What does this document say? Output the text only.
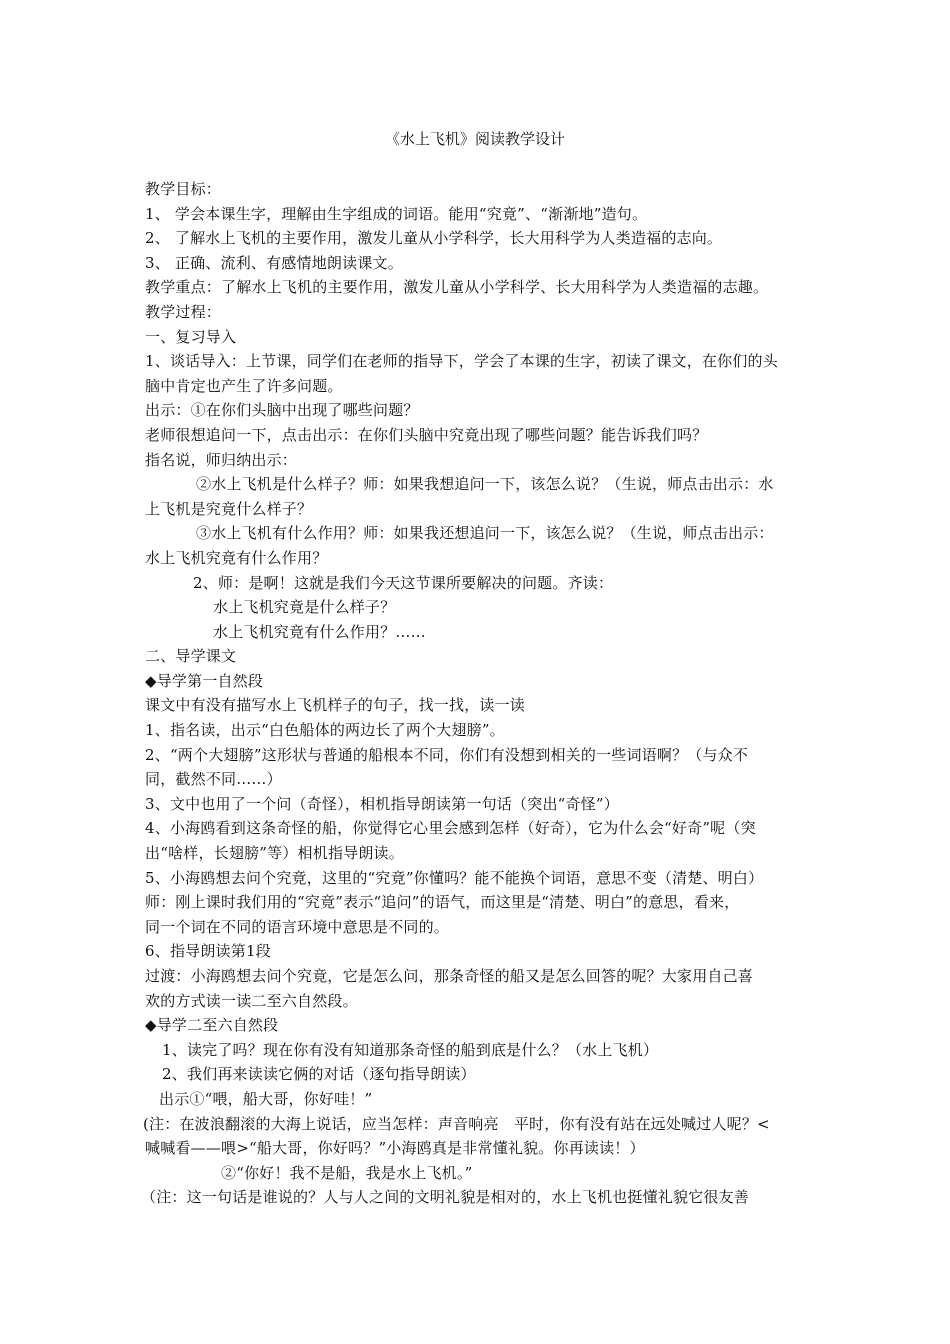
《水上飞机》阅读教学设计

教学目标：

1、 学会本课生字，理解由生字组成的词语。能用“究竟”、“渐渐地”造句。

2、 了解水上飞机的主要作用，激发儿童从小学科学，长大用科学为人类造福的志向。

3、 正确、流利、有感情地朗读课文。

教学重点：了解水上飞机的主要作用，激发儿童从小学科学、长大用科学为人类造福的志趣。

教学过程：

一、复习导入

1、谈话导入：上节课，同学们在老师的指导下，学会了本课的生字，初读了课文，在你们的头

脑中肯定也产生了许多问题。

出示：①在你们头脑中出现了哪些问题？

老师很想追问一下，点击出示：在你们头脑中究竟出现了哪些问题？能告诉我们吗？

指名说，师归纳出示：

②水上飞机是什么样子？师：如果我想追问一下，该怎么说？（生说，师点击出示：水

上飞机是究竟什么样子？

③水上飞机有什么作用？师：如果我还想追问一下，该怎么说？（生说，师点击出示：

水上飞机究竟有什么作用？

2、师：是啊！这就是我们今天这节课所要解决的问题。齐读：

水上飞机究竟是什么样子？

水上飞机究竟有什么作用？……

二、导学课文

◆导学第一自然段

课文中有没有描写水上飞机样子的句子，找一找，读一读

1、指名读，出示“白色船体的两边长了两个大翅膀”。

2、“两个大翅膀”这形状与普通的船根本不同，你们有没想到相关的一些词语啊？（与众不

同，截然不同……）

3、文中也用了一个问（奇怪），相机指导朗读第一句话（突出“奇怪”）

4、小海鸥看到这条奇怪的船，你觉得它心里会感到怎样（好奇），它为什么会“好奇”呢（突

出“啥样，长翅膀”等）相机指导朗读。

5、小海鸥想去问个究竟，这里的“究竟”你懂吗？能不能换个词语，意思不变（清楚、明白）

师：刚上课时我们用的“究竟”表示“追问”的语气，而这里是“清楚、明白”的意思，看来，

同一个词在不同的语言环境中意思是不同的。

6、指导朗读第1段

过渡：小海鸥想去问个究竟，它是怎么问，那条奇怪的船又是怎么回答的呢？大家用自己喜

欢的方式读一读二至六自然段。

◆导学二至六自然段

1、读完了吗？现在你有没有知道那条奇怪的船到底是什么？（水上飞机）

2、我们再来读读它俩的对话（逐句指导朗读）

出示①“喂，船大哥，你好哇！”

(注：在波浪翻滚的大海上说话，应当怎样：声音响亮　平时，你有没有站在远处喊过人呢？<

喊喊看——喂>“船大哥，你好吗？”小海鸥真是非常懂礼貌。你再读读！）

②“你好！我不是船，我是水上飞机。”

（注：这一句话是谁说的？人与人之间的文明礼貌是相对的，水上飞机也挺懂礼貌它很友善
